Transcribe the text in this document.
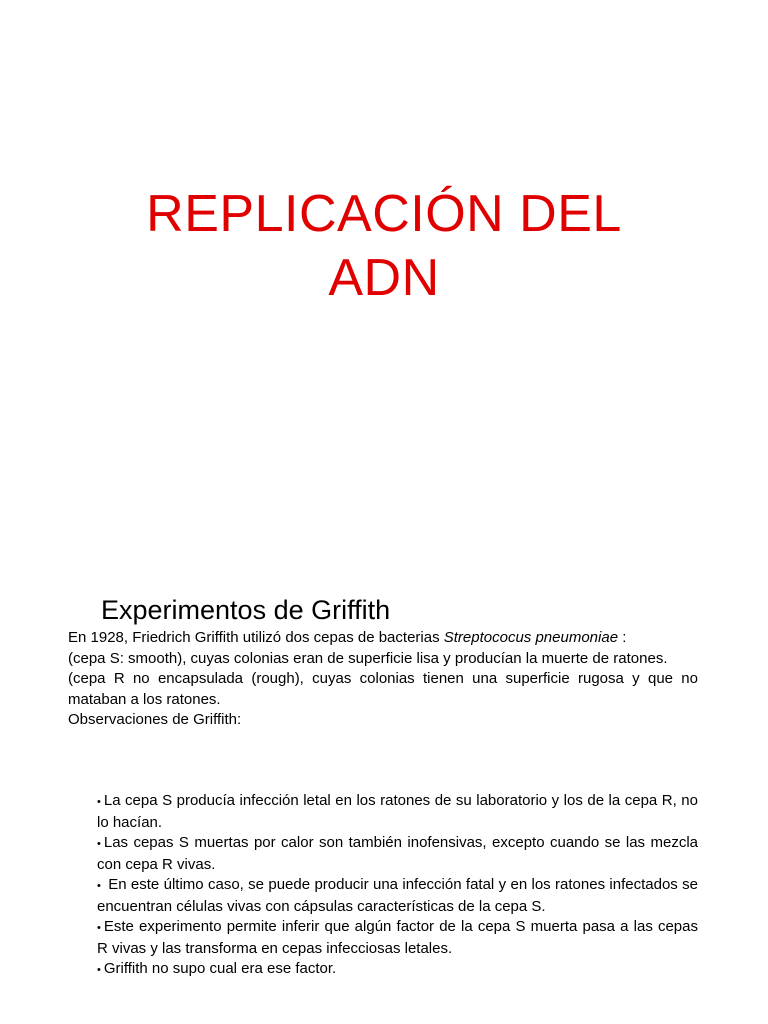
REPLICACIÓN DEL
ADN
Experimentos de Griffith

En 1928, Friedrich Griffith utilizó dos cepas de bacterias Streptococus pneumoniae :

(cepa S: smooth), cuyas colonias eran de superficie lisa y producían la muerte de ratones.

(cepa R no encapsulada (rough), cuyas colonias tienen una superficie rugosa y que no mataban a los ratones.

Observaciones de Griffith:

• La cepa S producía infección letal en los ratones de su laboratorio y los de la cepa R, no lo hacían.
• Las cepas S muertas por calor son también inofensivas, excepto cuando se las mezcla con cepa R vivas.
• En este último caso, se puede producir una infección fatal y en los ratones infectados se encuentran células vivas con cápsulas características de la cepa S.
• Este experimento permite inferir que algún factor de la cepa S muerta pasa a las cepas R vivas y las transforma en cepas infecciosas letales.
• Griffith no supo cual era ese factor.
